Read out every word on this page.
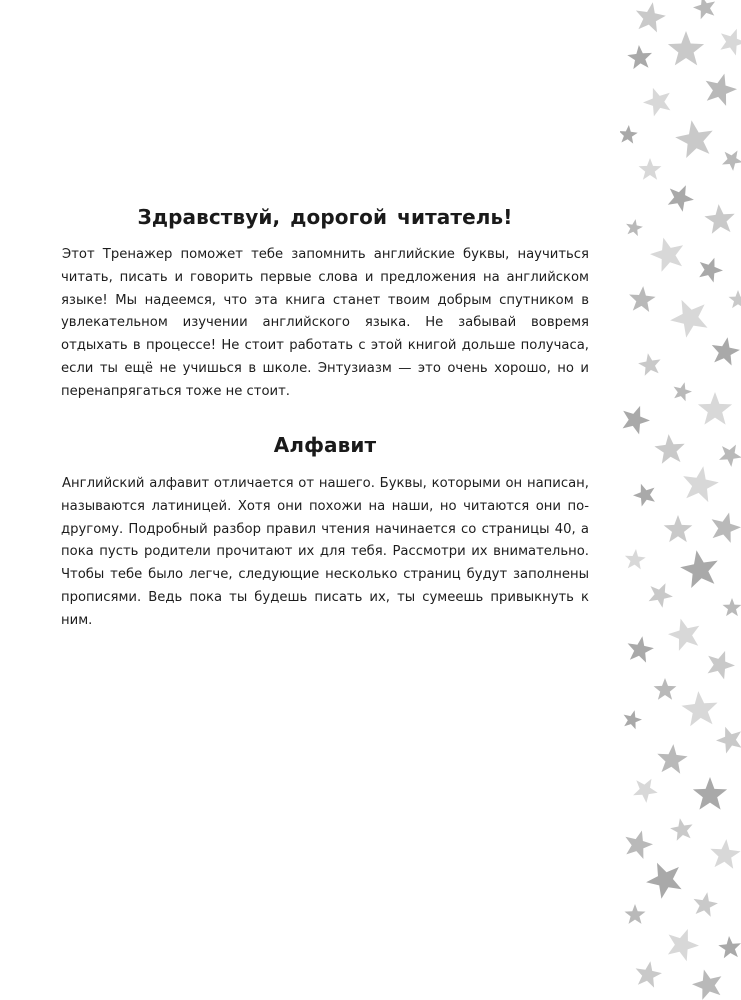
Здравствуй, дорогой читатель!

Этот Тренажер поможет тебе запомнить английские буквы, научиться читать, писать и говорить первые слова и предложения на английском языке! Мы надеемся, что эта книга станет твоим добрым спутником в увлекательном изучении английского языка. Не забывай вовремя отдыхать в процессе! Не стоит работать с этой книгой дольше получаса, если ты ещё не учишься в школе. Энтузиазм — это очень хорошо, но и перенапрягаться тоже не стоит.

Алфавит

Английский алфавит отличается от нашего. Буквы, которыми он написан, называются латиницей. Хотя они похожи на наши, но читаются они по-другому. Подробный разбор правил чтения начинается со страницы 40, а пока пусть родители прочитают их для тебя. Рассмотри их внимательно. Чтобы тебе было легче, следующие несколько страниц будут заполнены прописями. Ведь пока ты будешь писать их, ты сумеешь привыкнуть к ним.
